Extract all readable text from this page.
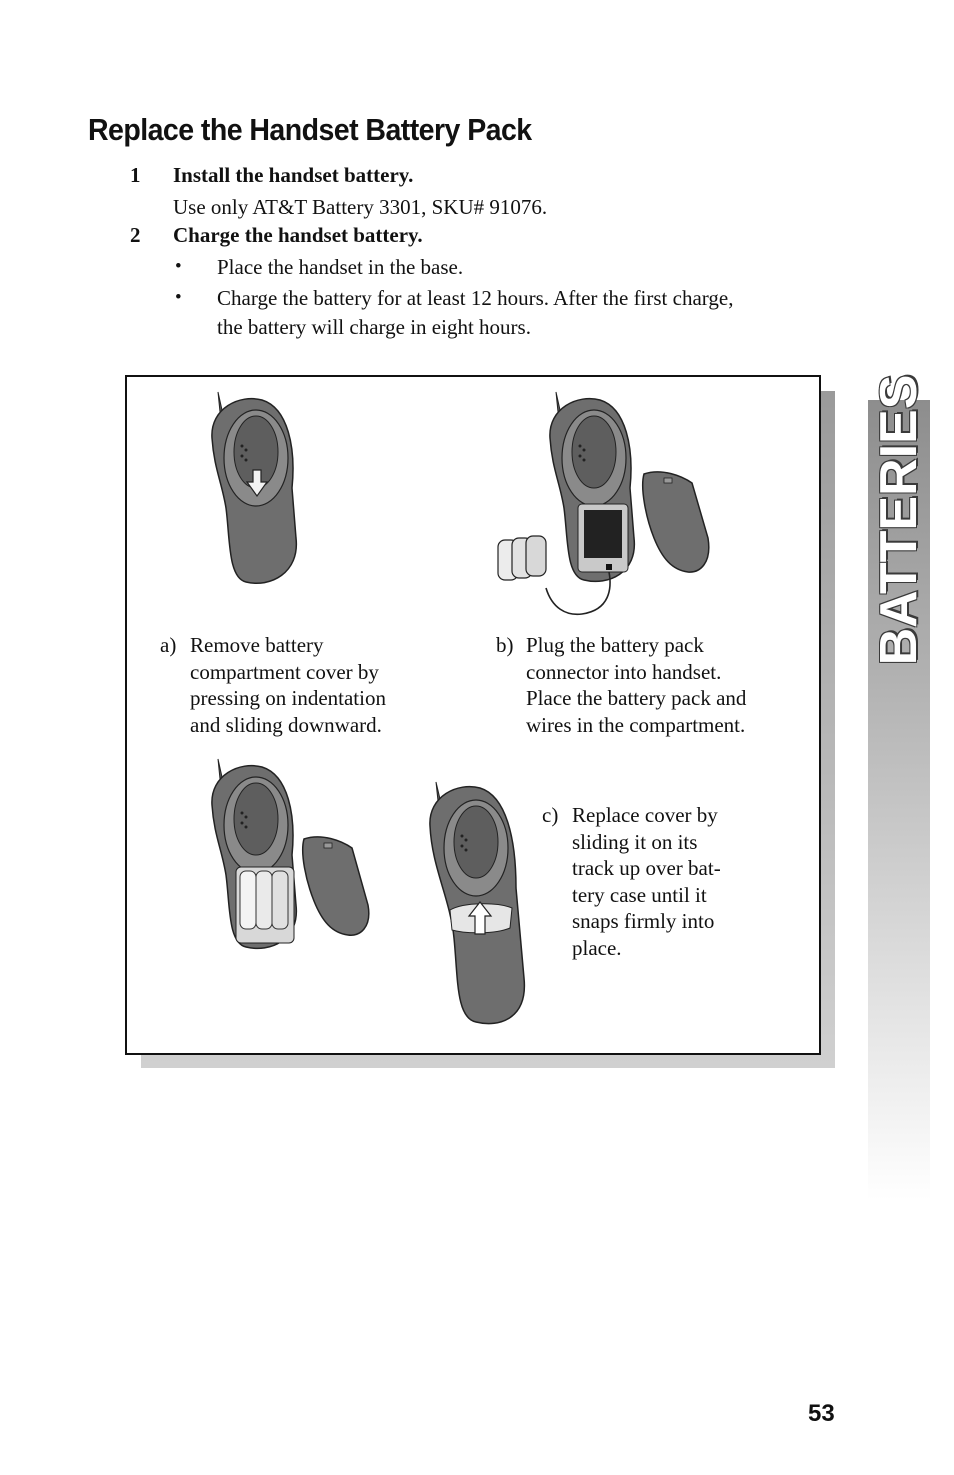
Replace the Handset Battery Pack
1 Install the handset battery.
Use only AT&T Battery 3301, SKU# 91076.
2 Charge the handset battery.
• Place the handset in the base.
• Charge the battery for at least 12 hours. After the first charge, the battery will charge in eight hours.
BATTERIES
a) Remove battery
compartment cover by
pressing on indentation
and sliding downward.
b) Plug the battery pack
connector into handset.
Place the battery pack and
wires in the compartment.
c) Replace cover by
sliding it on its
track up over bat-
tery case until it
snaps firmly into
place.
53
